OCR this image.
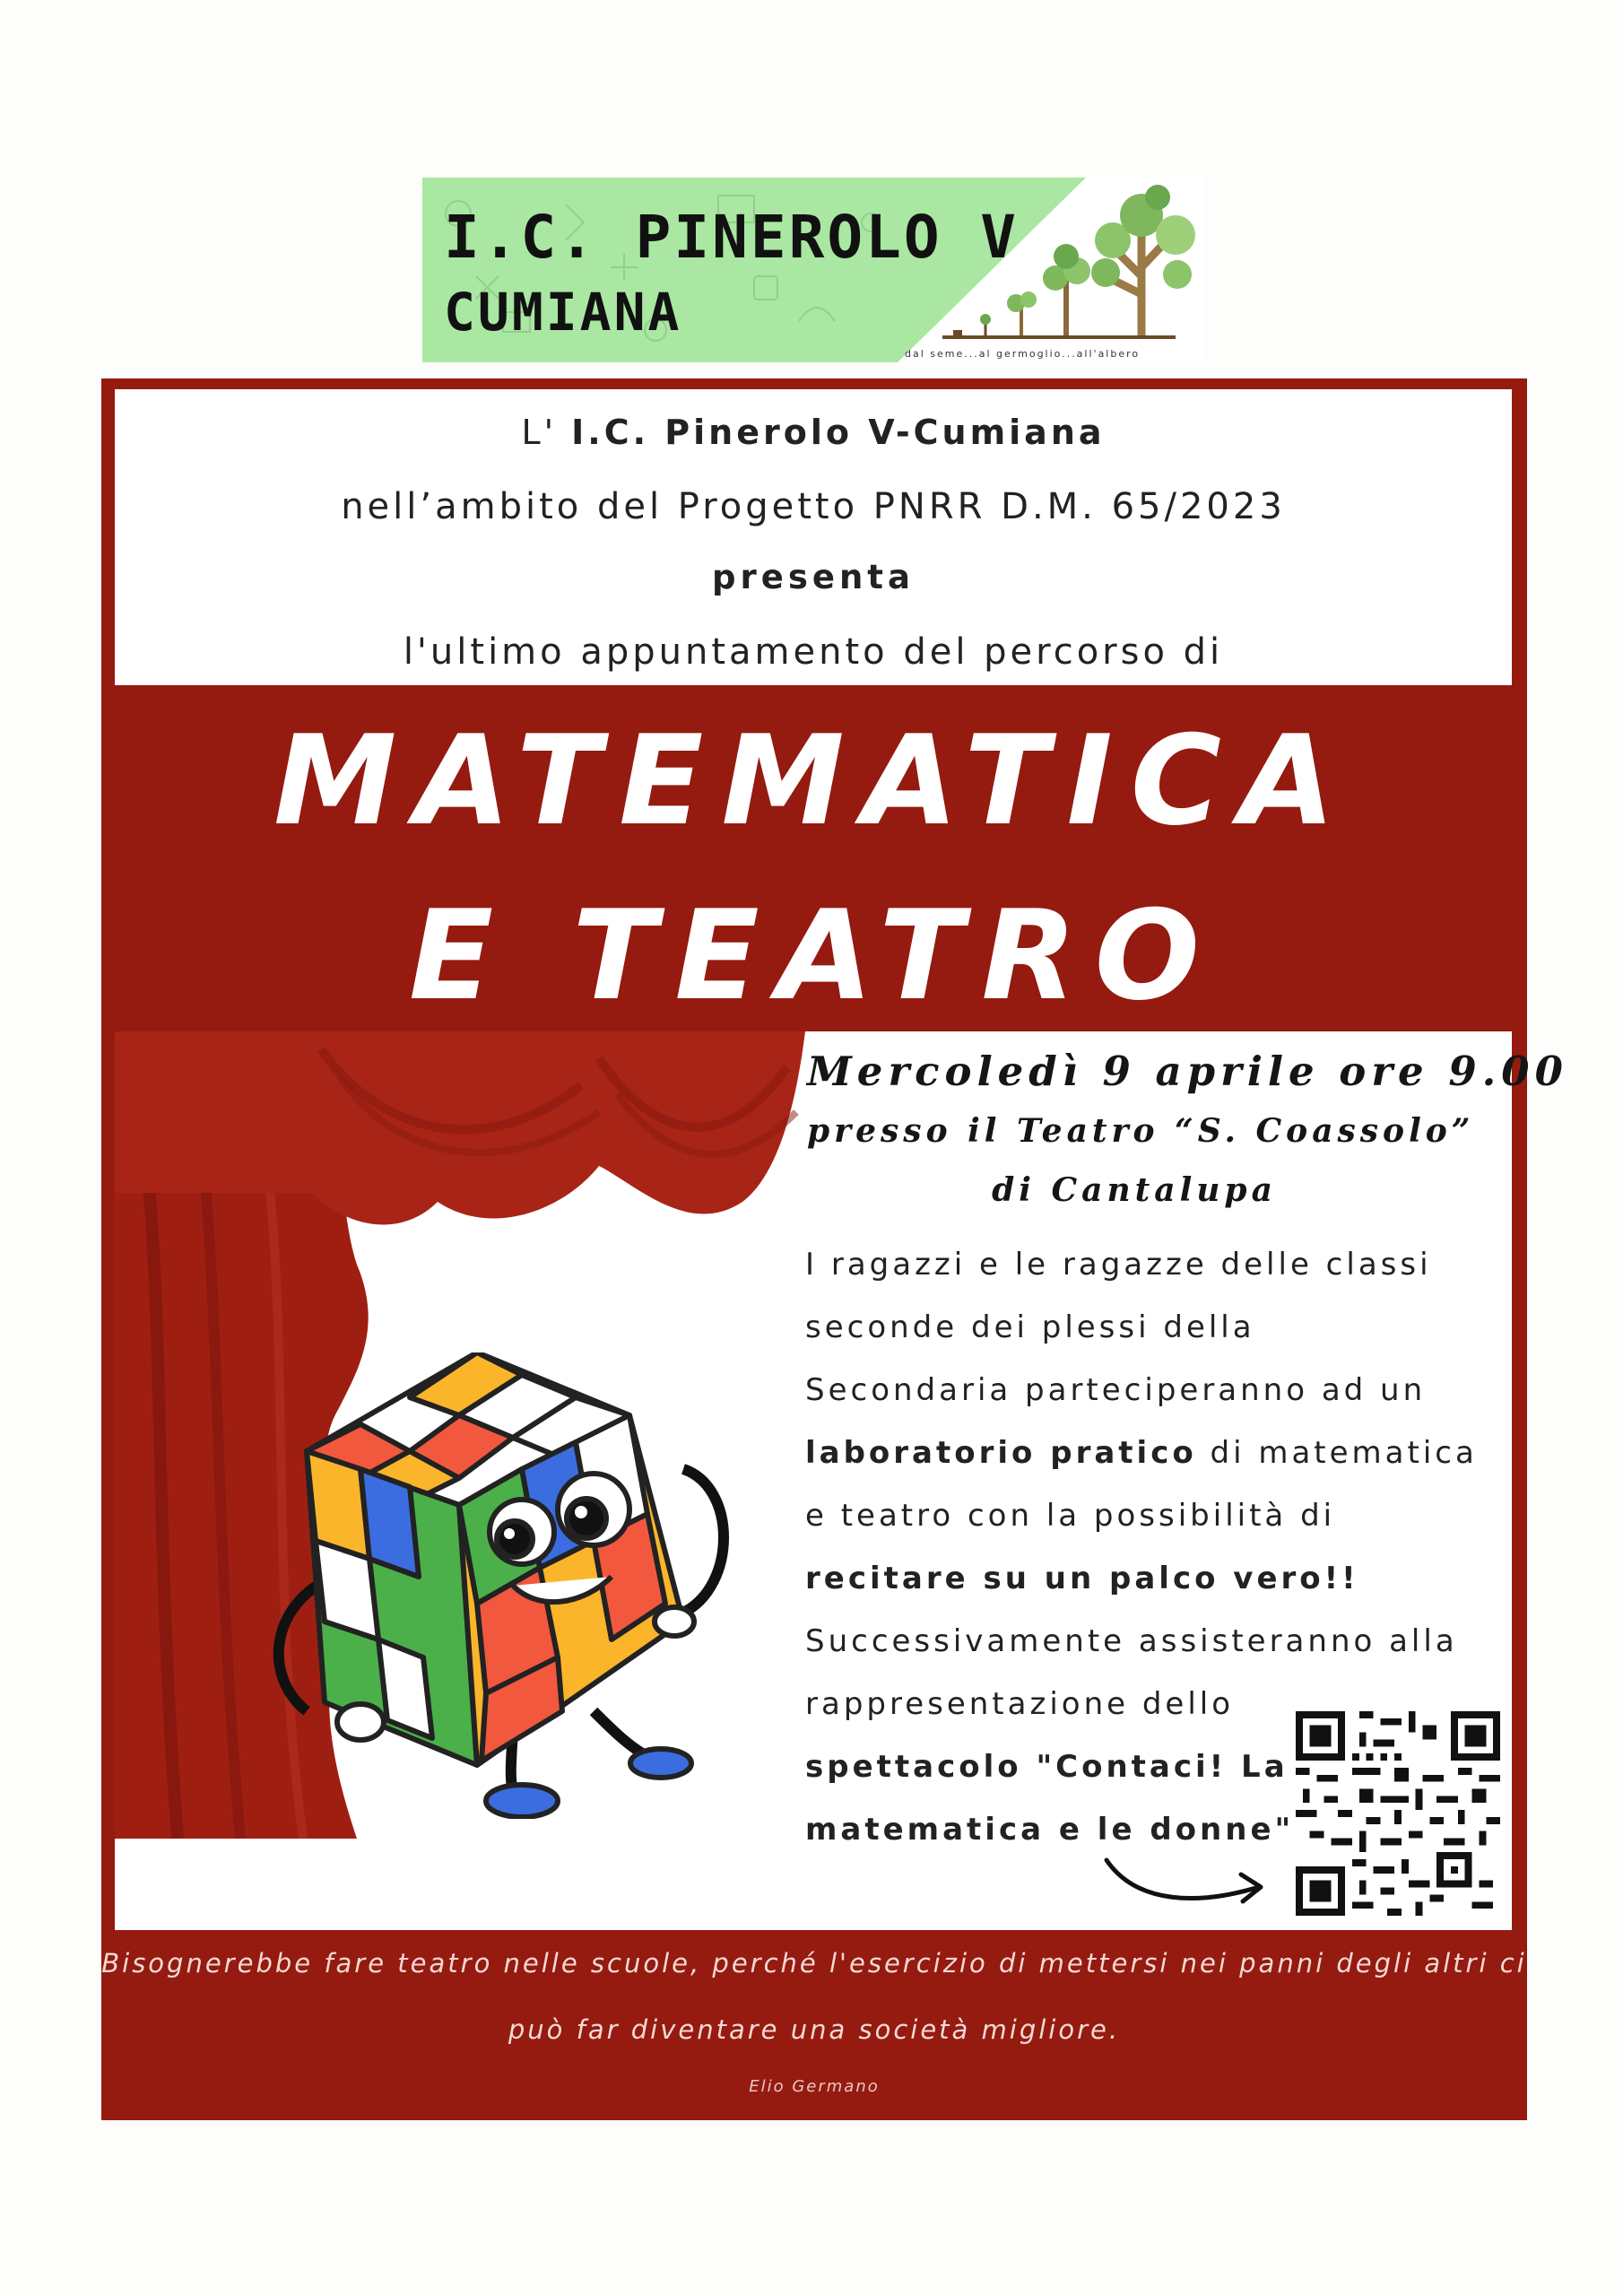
I.C. PINEROLO V
CUMIANA
dal seme...al germoglio...all'albero
L' I.C. Pinerolo V-Cumiana
nell’ambito del Progetto PNRR D.M. 65/2023
presenta
l'ultimo appuntamento del percorso di
MATEMATICA
E TEATRO
Mercoledì 9 aprile ore 9.00
presso il Teatro “S. Coassolo”
di Cantalupa
I ragazzi e le ragazze delle classi
seconde dei plessi della
Secondaria parteciperanno ad un
laboratorio pratico di matematica
e teatro con la possibilità di
recitare su un palco vero!!
Successivamente assisteranno alla
rappresentazione dello
spettacolo "Contaci! La
matematica e le donne"
Bisognerebbe fare teatro nelle scuole, perché l'esercizio di mettersi nei panni degli altri ci
può far diventare una società migliore.
Elio Germano
